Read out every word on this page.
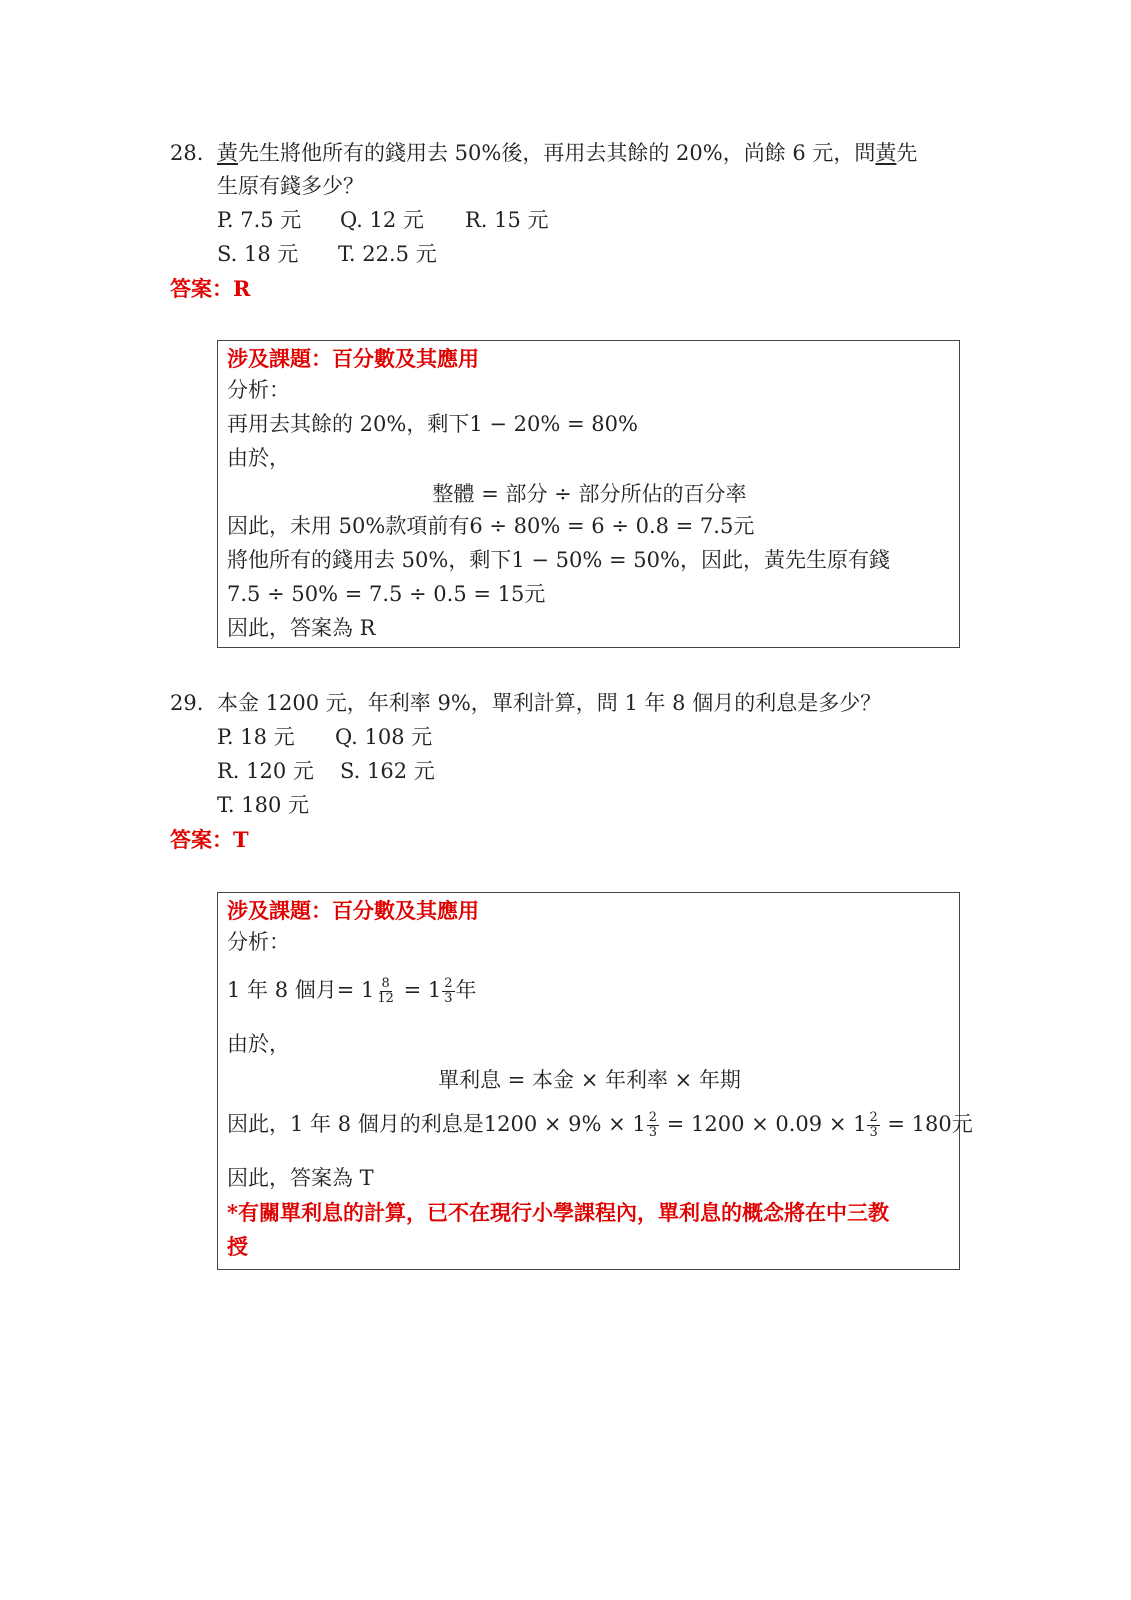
28. 黃先生將他所有的錢用去 50%後，再用去其餘的 20%，尚餘 6 元，問黃先
生原有錢多少？
P. 7.5 元 Q. 12 元 R. 15 元
S. 18 元 T. 22.5 元
答案：R
涉及課題：百分數及其應用
分析：
再用去其餘的 20%，剩下1 − 20% = 80%
由於，
整體 = 部分 ÷ 部分所佔的百分率
因此，未用 50%款項前有6 ÷ 80% = 6 ÷ 0.8 = 7.5元
將他所有的錢用去 50%，剩下1 − 50% = 50%，因此，黃先生原有錢
7.5 ÷ 50% = 7.5 ÷ 0.5 = 15元
因此，答案為 R
29. 本金 1200 元，年利率 9%，單利計算，問 1 年 8 個月的利息是多少？
P. 18 元 Q. 108 元
R. 120 元 S. 162 元
T. 180 元
答案：T
涉及課題：百分數及其應用
分析：
1 年 8 個月= $1 \frac{8}{12} = 1 \frac{2}{3}$ 年
由於，
單利息 = 本金 × 年利率 × 年期
因此，1 年 8 個月的利息是$1200 \times 9\% \times 1 \frac{2}{3} = 1200 \times 0.09 \times 1 \frac{2}{3} = 180$元
因此，答案為 T
*有關單利息的計算，已不在現行小學課程內，單利息的概念將在中三教
授
